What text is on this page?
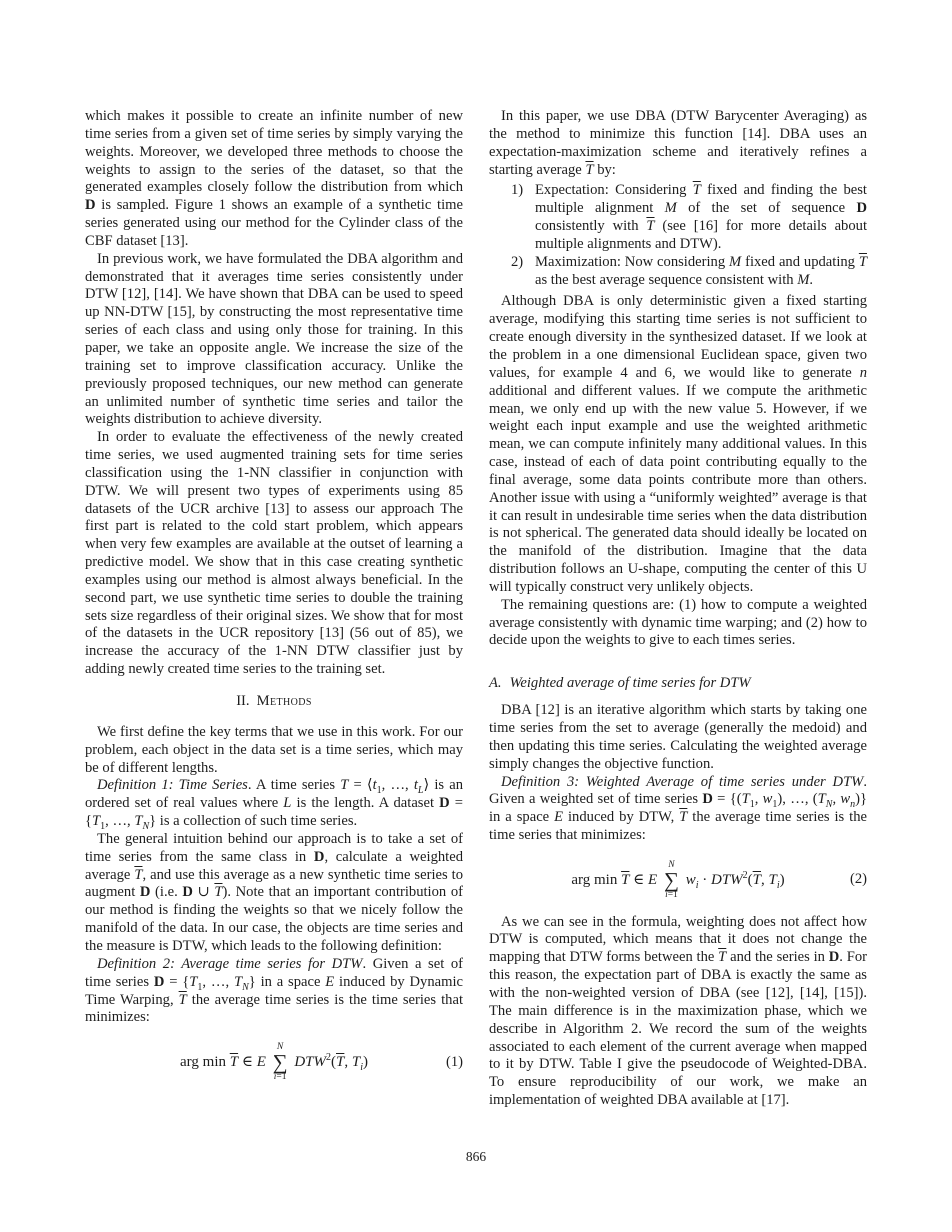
which makes it possible to create an infinite number of new time series from a given set of time series by simply varying the weights. Moreover, we developed three methods to choose the weights to assign to the series of the dataset, so that the generated examples closely follow the distribution from which D is sampled. Figure 1 shows an example of a synthetic time series generated using our method for the Cylinder class of the CBF dataset [13].

In previous work, we have formulated the DBA algorithm and demonstrated that it averages time series consistently under DTW [12], [14]. We have shown that DBA can be used to speed up NN-DTW [15], by constructing the most representative time series of each class and using only those for training. In this paper, we take an opposite angle. We increase the size of the training set to improve classification accuracy. Unlike the previously proposed techniques, our new method can generate an unlimited number of synthetic time series and tailor the weights distribution to achieve diversity.

In order to evaluate the effectiveness of the newly created time series, we used augmented training sets for time series classification using the 1-NN classifier in conjunction with DTW. We will present two types of experiments using 85 datasets of the UCR archive [13] to assess our approach The first part is related to the cold start problem, which appears when very few examples are available at the outset of learning a predictive model. We show that in this case creating synthetic examples using our method is almost always beneficial. In the second part, we use synthetic time series to double the training sets size regardless of their original sizes. We show that for most of the datasets in the UCR repository [13] (56 out of 85), we increase the accuracy of the 1-NN DTW classifier just by adding newly created time series to the training set.

II. Methods

We first define the key terms that we use in this work. For our problem, each object in the data set is a time series, which may be of different lengths.

Definition 1: Time Series. A time series $T = ⟨t_1$, …, $t_L⟩$ is an ordered set of real values where L is the length. A dataset $D = \{T_1$, …, $T_N$} is a collection of such time series.

The general intuition behind our approach is to take a set of time series from the same class in D, calculate a weighted average $\overline{T}$, and use this average as a new synthetic time series to augment D (i.e. D ∪ $\overline{T}$). Note that an important contribution of our method is finding the weights so that we nicely follow the manifold of the data. In our case, the objects are time series and the measure is DTW, which leads to the following definition:

Definition 2: Average time series for DTW. Given a set of time series $D = \{T_1$, …, $T_N$} in a space E induced by Dynamic Time Warping, $\overline{T}$ the average time series is the time series that minimizes:

arg $\min \overline{T}$ ∈ E
N
∑
i=1
$DTW^2(\overline{T}$, $T_i$)	(1)

In this paper, we use DBA (DTW Barycenter Averaging) as the method to minimize this function [14]. DBA uses an expectation-maximization scheme and iteratively refines a starting average $\overline{T}$ by:

1) Expectation: Considering $\overline{T}$ fixed and finding the best multiple alignment M of the set of sequence D consistently with $\overline{T}$ (see [16] for more details about multiple alignments and DTW).
2) Maximization: Now considering M fixed and updating $\overline{T}$ as the best average sequence consistent with M.

Although DBA is only deterministic given a fixed starting average, modifying this starting time series is not sufficient to create enough diversity in the synthesized dataset. If we look at the problem in a one dimensional Euclidean space, given two values, for example 4 and 6, we would like to generate n additional and different values. If we compute the arithmetic mean, we only end up with the new value 5. However, if we weight each input example and use the weighted arithmetic mean, we can compute infinitely many additional values. In this case, instead of each of data point contributing equally to the final average, some data points contribute more than others. Another issue with using a “uniformly weighted” average is that it can result in undesirable time series when the data distribution is not spherical. The generated data should ideally be located on the manifold of the distribution. Imagine that the data distribution follows an U-shape, computing the center of this U will typically construct very unlikely objects.

The remaining questions are: (1) how to compute a weighted average consistently with dynamic time warping; and (2) how to decide upon the weights to give to each times series.

A. Weighted average of time series for DTW

DBA [12] is an iterative algorithm which starts by taking one time series from the set to average (generally the medoid) and then updating this time series. Calculating the weighted average simply changes the objective function.

Definition 3: Weighted Average of time series under DTW. Given a weighted set of time series $D = \{(T_1$, $w_1$), …, ($T_N$, $w_n$)} in a space E induced by DTW, $\overline{T}$ the average time series is the time series that minimizes:

arg $\min \overline{T}$ ∈ E
N
∑
i=1
$w_i \cdot DTW^2(\overline{T}$, $T_i$)	(2)

As we can see in the formula, weighting does not affect how DTW is computed, which means that it does not change the mapping that DTW forms between the $\overline{T}$ and the series in D. For this reason, the expectation part of DBA is exactly the same as with the non-weighted version of DBA (see [12], [14], [15]). The main difference is in the maximization phase, which we describe in Algorithm 2. We record the sum of the weights associated to each element of the current average when mapped to it by DTW. Table I give the pseudocode of Weighted-DBA. To ensure reproducibility of our work, we make an implementation of weighted DBA available at [17].

866
